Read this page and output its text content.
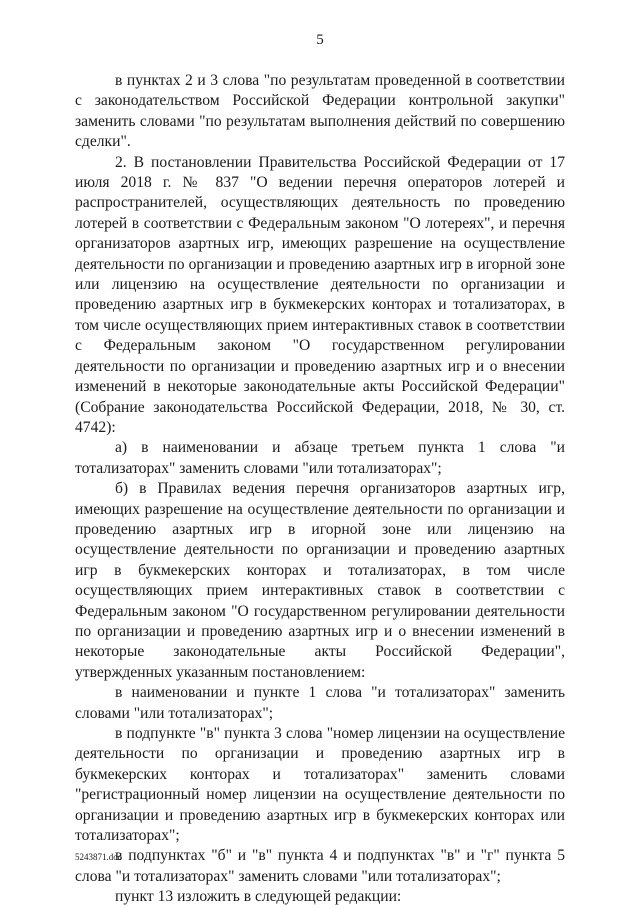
5

в пунктах 2 и 3 слова "по результатам проведенной в соответствии с законодательством Российской Федерации контрольной закупки" заменить словами "по результатам выполнения действий по совершению сделки".

2. В постановлении Правительства Российской Федерации от 17 июля 2018 г. № 837 "О ведении перечня операторов лотерей и распространителей, осуществляющих деятельность по проведению лотерей в соответствии с Федеральным законом "О лотереях", и перечня организаторов азартных игр, имеющих разрешение на осуществление деятельности по организации и проведению азартных игр в игорной зоне или лицензию на осуществление деятельности по организации и проведению азартных игр в букмекерских конторах и тотализаторах, в том числе осуществляющих прием интерактивных ставок в соответствии с Федеральным законом "О государственном регулировании деятельности по организации и проведению азартных игр и о внесении изменений в некоторые законодательные акты Российской Федерации" (Собрание законодательства Российской Федерации, 2018, № 30, ст. 4742):

а) в наименовании и абзаце третьем пункта 1 слова "и тотализаторах" заменить словами "или тотализаторах";

б) в Правилах ведения перечня организаторов азартных игр, имеющих разрешение на осуществление деятельности по организации и проведению азартных игр в игорной зоне или лицензию на осуществление деятельности по организации и проведению азартных игр в букмекерских конторах и тотализаторах, в том числе осуществляющих прием интерактивных ставок в соответствии с Федеральным законом "О государственном регулировании деятельности по организации и проведению азартных игр и о внесении изменений в некоторые законодательные акты Российской Федерации", утвержденных указанным постановлением:

в наименовании и пункте 1 слова "и тотализаторах" заменить словами "или тотализаторах";

в подпункте "в" пункта 3 слова "номер лицензии на осуществление деятельности по организации и проведению азартных игр в букмекерских конторах и тотализаторах" заменить словами "регистрационный номер лицензии на осуществление деятельности по организации и проведению азартных игр в букмекерских конторах или тотализаторах";

в подпунктах "б" и "в" пункта 4 и подпунктах "в" и "г" пункта 5 слова "и тотализаторах" заменить словами "или тотализаторах";

пункт 13 изложить в следующей редакции:

5243871.doc
